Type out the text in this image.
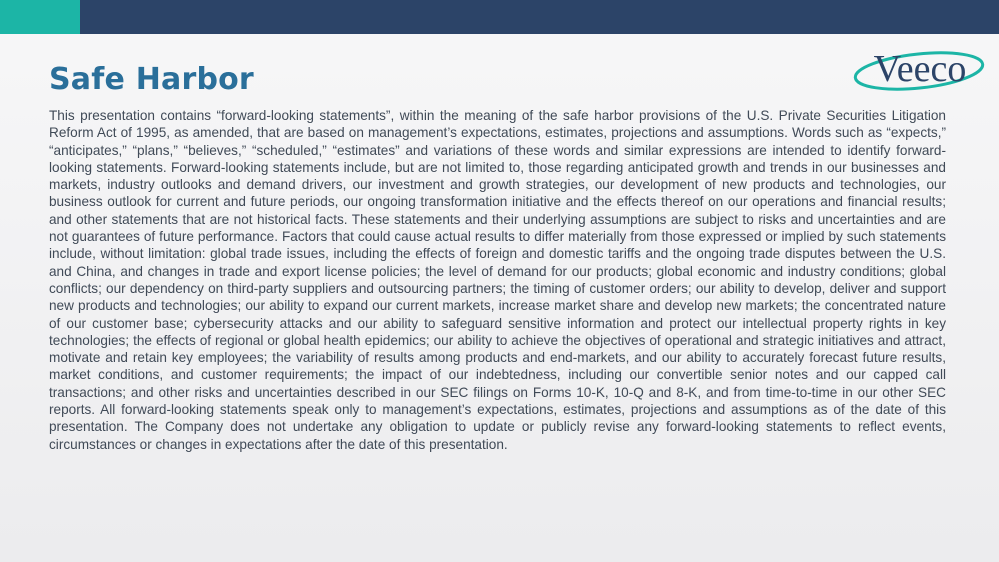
Safe Harbor	Veeco

This presentation contains “forward-looking statements”, within the meaning of the safe harbor provisions of the U.S. Private Securities Litigation Reform Act of 1995, as amended, that are based on management’s expectations, estimates, projections and assumptions. Words such as “expects,” “anticipates,” “plans,” “believes,” “scheduled,” “estimates” and variations of these words and similar expressions are intended to identify forward-looking statements. Forward-looking statements include, but are not limited to, those regarding anticipated growth and trends in our businesses and markets, industry outlooks and demand drivers, our investment and growth strategies, our development of new products and technologies, our business outlook for current and future periods, our ongoing transformation initiative and the effects thereof on our operations and financial results; and other statements that are not historical facts. These statements and their underlying assumptions are subject to risks and uncertainties and are not guarantees of future performance. Factors that could cause actual results to differ materially from those expressed or implied by such statements include, without limitation: global trade issues, including the effects of foreign and domestic tariffs and the ongoing trade disputes between the U.S. and China, and changes in trade and export license policies; the level of demand for our products; global economic and industry conditions; global conflicts; our dependency on third-party suppliers and outsourcing partners; the timing of customer orders; our ability to develop, deliver and support new products and technologies; our ability to expand our current markets, increase market share and develop new markets; the concentrated nature of our customer base; cybersecurity attacks and our ability to safeguard sensitive information and protect our intellectual property rights in key technologies; the effects of regional or global health epidemics; our ability to achieve the objectives of operational and strategic initiatives and attract, motivate and retain key employees; the variability of results among products and end-markets, and our ability to accurately forecast future results, market conditions, and customer requirements; the impact of our indebtedness, including our convertible senior notes and our capped call transactions; and other risks and uncertainties described in our SEC filings on Forms 10-K, 10-Q and 8-K, and from time-to-time in our other SEC reports. All forward-looking statements speak only to management’s expectations, estimates, projections and assumptions as of the date of this presentation. The Company does not undertake any obligation to update or publicly revise any forward-looking statements to reflect events, circumstances or changes in expectations after the date of this presentation.
